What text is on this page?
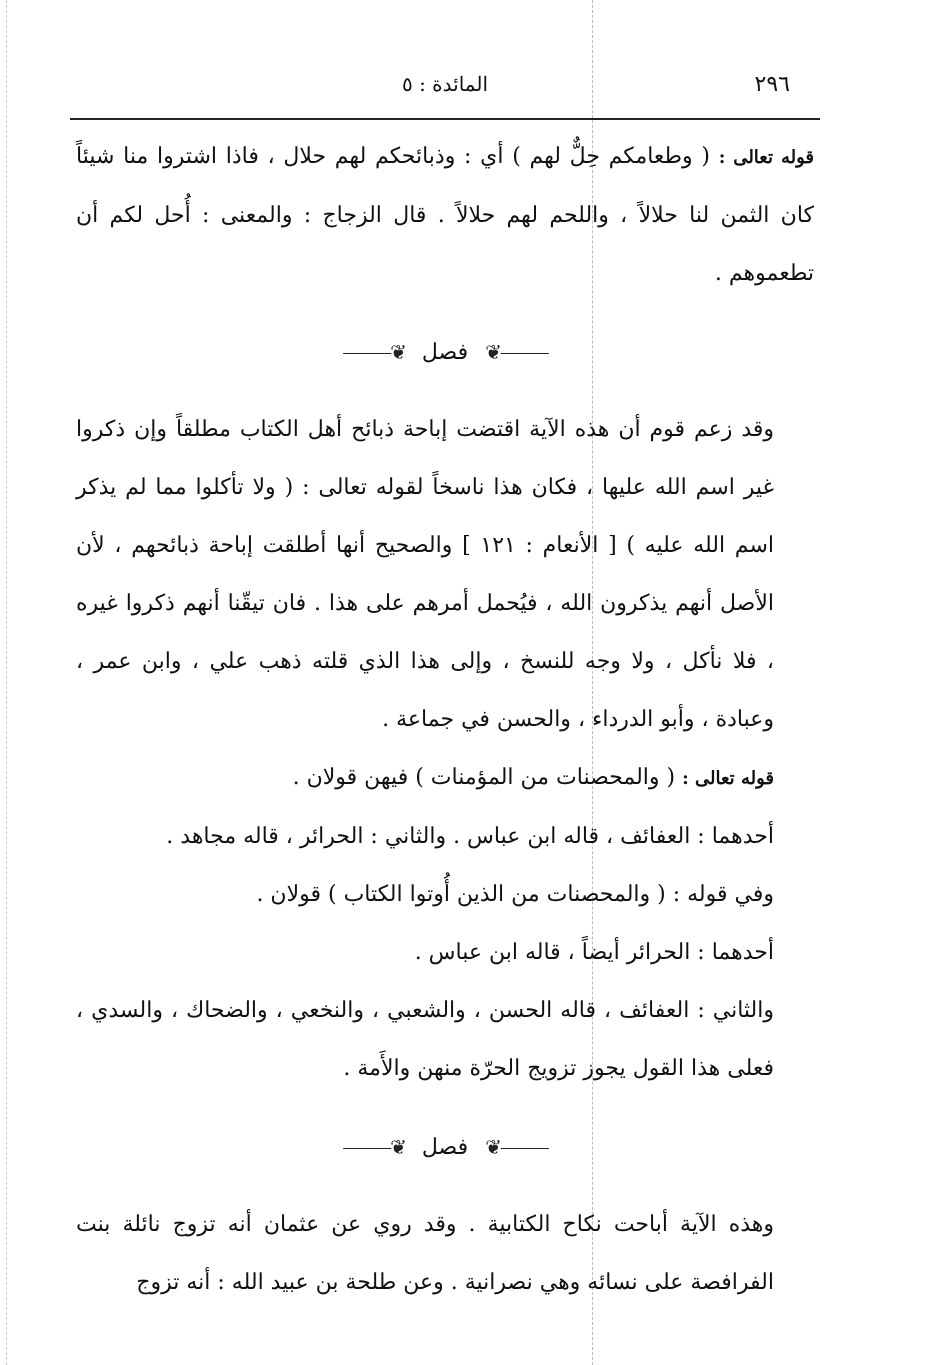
٢٩٦
المائدة : ٥

قوله تعالى : ( وطعامكم حِلٌّ لهم ) أي : وذبائحكم لهم حلال ، فاذا اشتروا منا شيئاً كان الثمن لنا حلالاً ، واللحم لهم حلالاً . قال الزجاج : والمعنى : أُحل لكم أن تطعموهم .

⸻❦ فصل ❦⸻

وقد زعم قوم أن هذه الآية اقتضت إباحة ذبائح أهل الكتاب مطلقاً وإن ذكروا غير اسم الله عليها ، فكان هذا ناسخاً لقوله تعالى : ( ولا تأكلوا مما لم يذكر اسم الله عليه ) [ الأنعام : ١٢١ ] والصحيح أنها أطلقت إباحة ذبائحهم ، لأن الأصل أنهم يذكرون الله ، فيُحمل أمرهم على هذا . فان تيقّنا أنهم ذكروا غيره ، فلا نأكل ، ولا وجه للنسخ ، وإلى هذا الذي قلته ذهب علي ، وابن عمر ، وعبادة ، وأبو الدرداء ، والحسن في جماعة .

قوله تعالى : ( والمحصنات من المؤمنات ) فيهن قولان .

أحدهما : العفائف ، قاله ابن عباس . والثاني : الحرائر ، قاله مجاهد .

وفي قوله : ( والمحصنات من الذين أُوتوا الكتاب ) قولان .

أحدهما : الحرائر أيضاً ، قاله ابن عباس .

والثاني : العفائف ، قاله الحسن ، والشعبي ، والنخعي ، والضحاك ، والسدي ، فعلى هذا القول يجوز تزويج الحرّة منهن والأَمة .

⸻❦ فصل ❦⸻

وهذه الآية أباحت نكاح الكتابية . وقد روي عن عثمان أنه تزوج نائلة بنت الفرافصة على نسائه وهي نصرانية . وعن طلحة بن عبيد الله : أنه تزوج
